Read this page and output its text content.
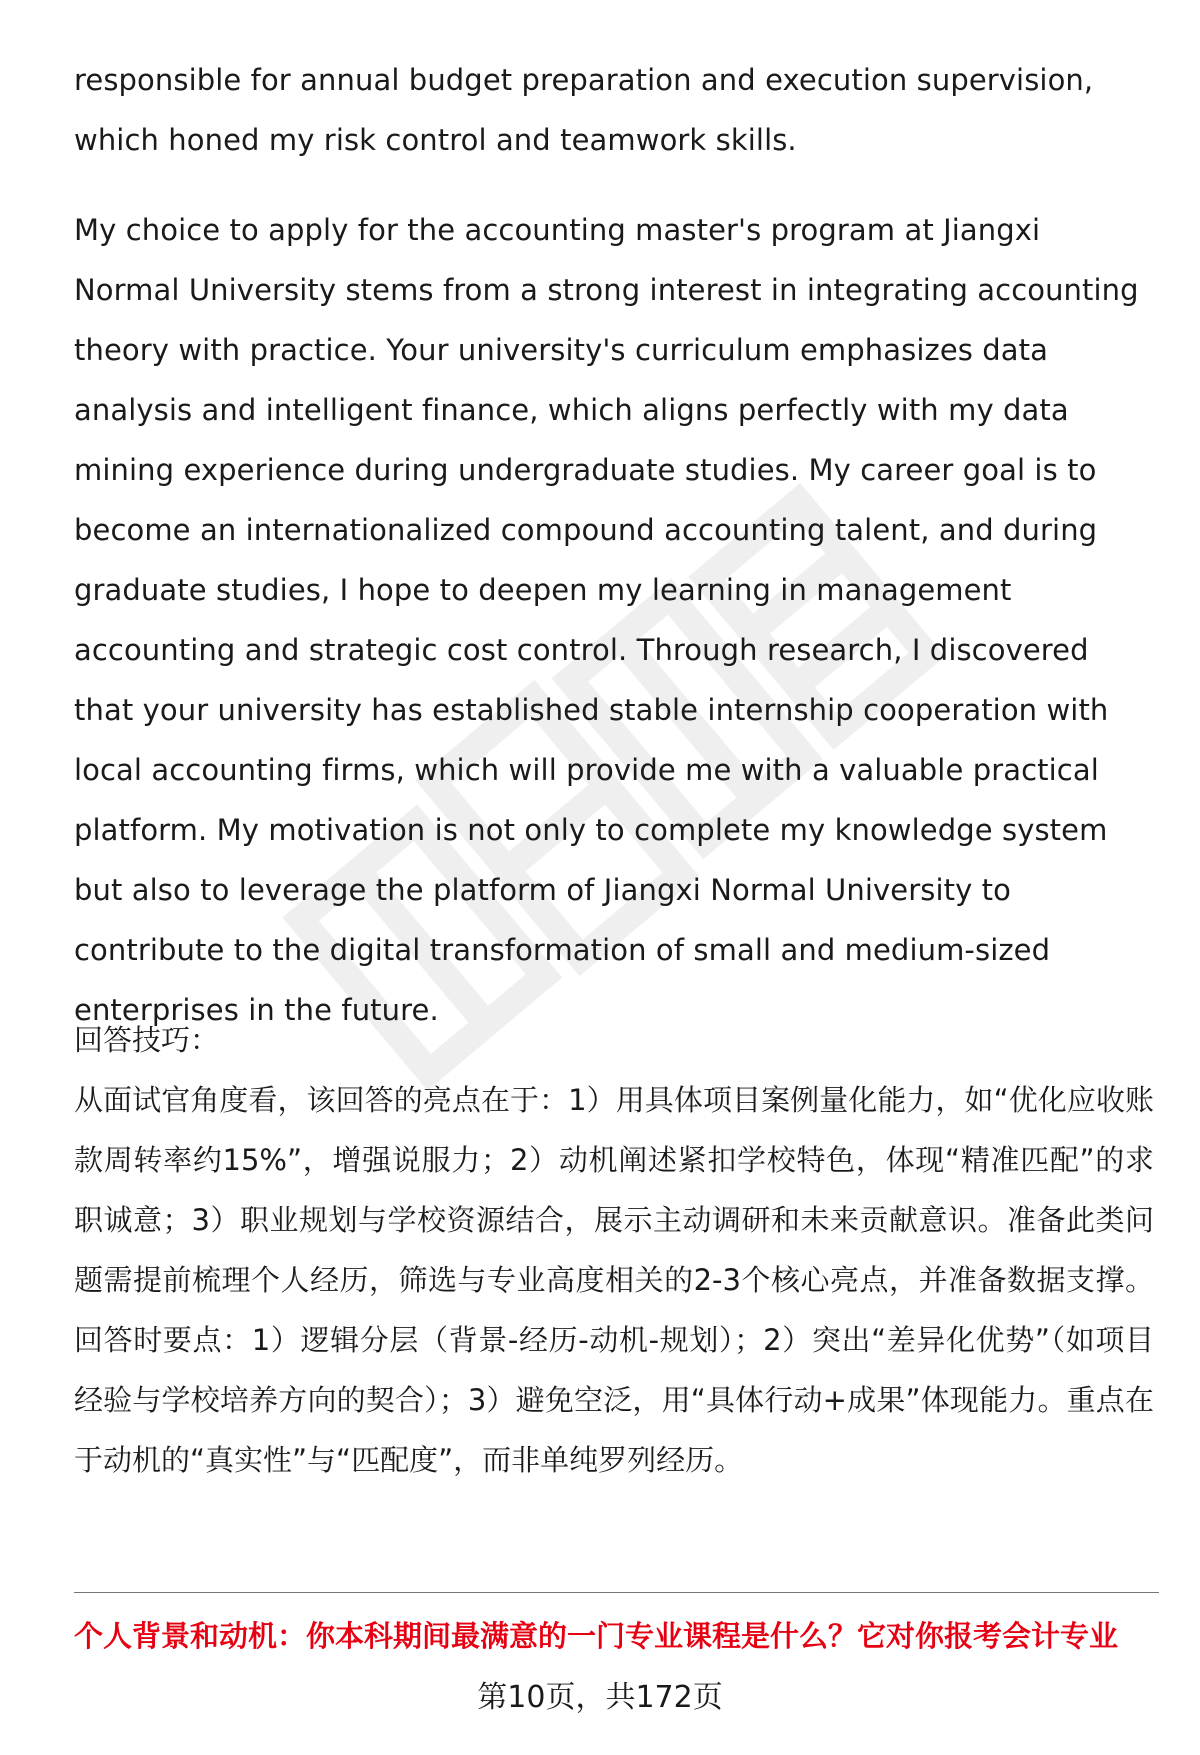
responsible for annual budget preparation and execution supervision, which honed my risk control and teamwork skills.

My choice to apply for the accounting master's program at Jiangxi Normal University stems from a strong interest in integrating accounting theory with practice. Your university's curriculum emphasizes data analysis and intelligent finance, which aligns perfectly with my data mining experience during undergraduate studies. My career goal is to become an internationalized compound accounting talent, and during graduate studies, I hope to deepen my learning in management accounting and strategic cost control. Through research, I discovered that your university has established stable internship cooperation with local accounting firms, which will provide me with a valuable practical platform. My motivation is not only to complete my knowledge system but also to leverage the platform of Jiangxi Normal University to contribute to the digital transformation of small and medium-sized enterprises in the future.

回答技巧：

从面试官角度看，该回答的亮点在于：1）用具体项目案例量化能力，如“优化应收账款周转率约15%”，增强说服力；2）动机阐述紧扣学校特色，体现“精准匹配”的求职诚意；3）职业规划与学校资源结合，展示主动调研和未来贡献意识。准备此类问题需提前梳理个人经历，筛选与专业高度相关的2-3个核心亮点，并准备数据支撑。回答时要点：1）逻辑分层（背景-经历-动机-规划）；2）突出“差异化优势”（如项目经验与学校培养方向的契合）；3）避免空泛，用“具体行动+成果”体现能力。重点在于动机的“真实性”与“匹配度”，而非单纯罗列经历。

个人背景和动机：你本科期间最满意的一门专业课程是什么？它对你报考会计专业
第10页，共172页
